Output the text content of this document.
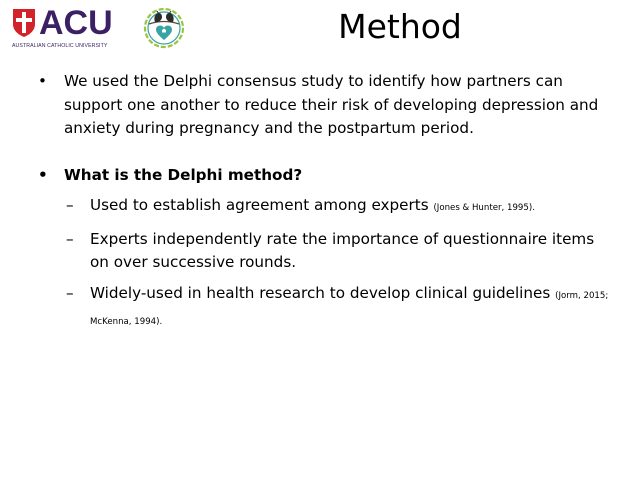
ACU
AUSTRALIAN CATHOLIC UNIVERSITY	Method
• We used the Delphi consensus study to identify how partners can support one another to reduce their risk of developing depression and anxiety during pregnancy and the postpartum period.
• What is the Delphi method?
– Used to establish agreement among experts (Jones & Hunter, 1995).
– Experts independently rate the importance of questionnaire items on over successive rounds.
– Widely-used in health research to develop clinical guidelines (Jorm, 2015; McKenna, 1994).
